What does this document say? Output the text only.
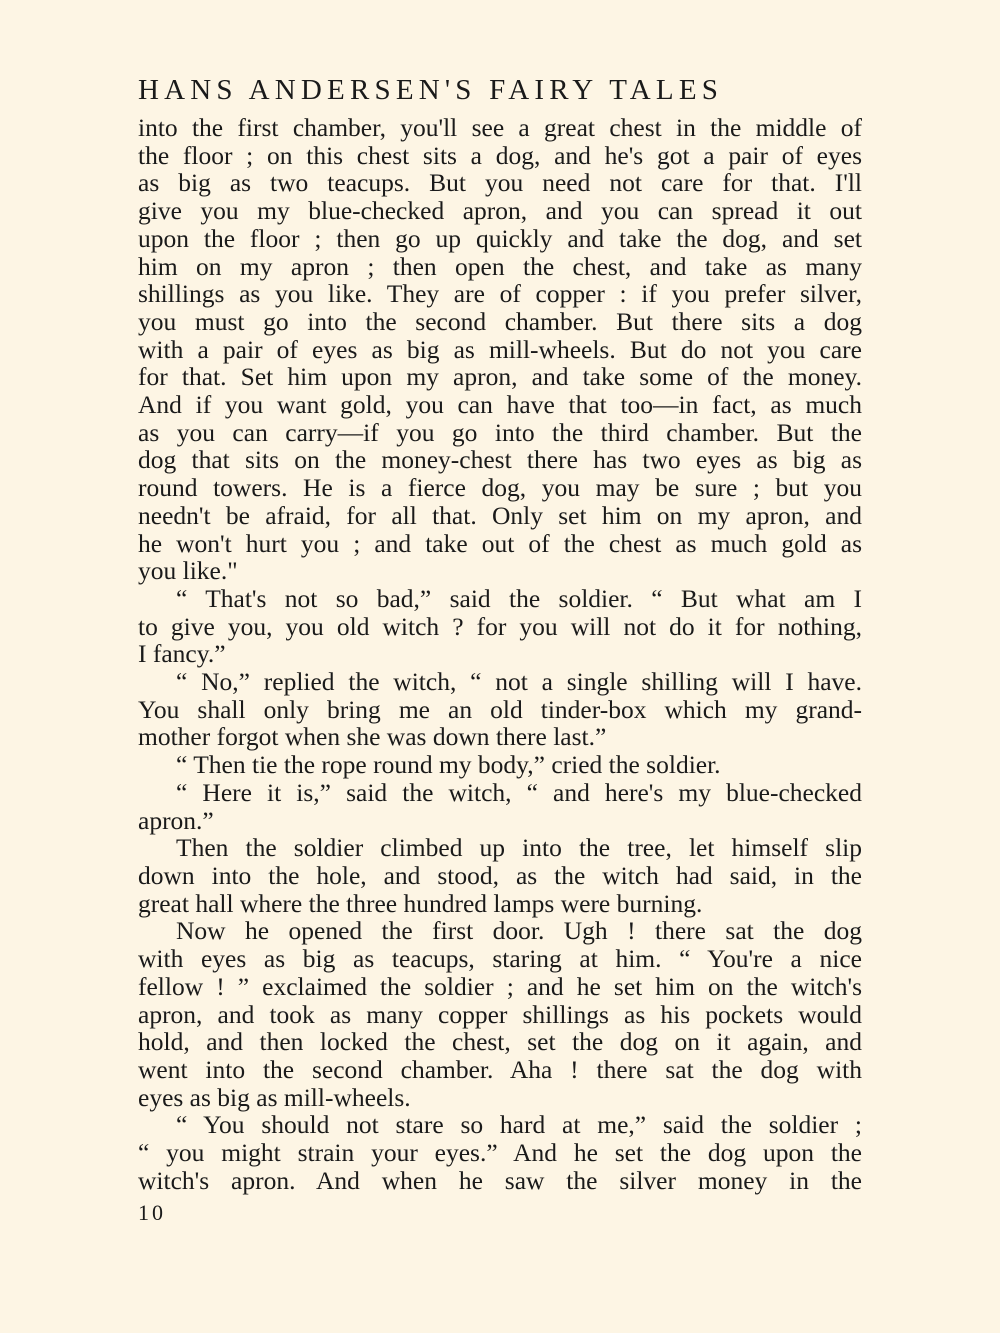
HANS ANDERSEN'S FAIRY TALES
into the first chamber, you'll see a great chest in the middle of
the floor ; on this chest sits a dog, and he's got a pair of eyes
as big as two teacups. But you need not care for that. I'll
give you my blue-checked apron, and you can spread it out
upon the floor ; then go up quickly and take the dog, and set
him on my apron ; then open the chest, and take as many
shillings as you like. They are of copper : if you prefer silver,
you must go into the second chamber. But there sits a dog
with a pair of eyes as big as mill-wheels. But do not you care
for that. Set him upon my apron, and take some of the money.
And if you want gold, you can have that too—in fact, as much
as you can carry—if you go into the third chamber. But the
dog that sits on the money-chest there has two eyes as big as
round towers. He is a fierce dog, you may be sure ; but you
needn't be afraid, for all that. Only set him on my apron, and
he won't hurt you ; and take out of the chest as much gold as
you like."
“ That's not so bad,” said the soldier. “ But what am I
to give you, you old witch ? for you will not do it for nothing,
I fancy.”
“ No,” replied the witch, “ not a single shilling will I have.
You shall only bring me an old tinder-box which my grand-
mother forgot when she was down there last.”
“ Then tie the rope round my body,” cried the soldier.
“ Here it is,” said the witch, “ and here's my blue-checked
apron.”
Then the soldier climbed up into the tree, let himself slip
down into the hole, and stood, as the witch had said, in the
great hall where the three hundred lamps were burning.
Now he opened the first door. Ugh ! there sat the dog
with eyes as big as teacups, staring at him. “ You're a nice
fellow ! ” exclaimed the soldier ; and he set him on the witch's
apron, and took as many copper shillings as his pockets would
hold, and then locked the chest, set the dog on it again, and
went into the second chamber. Aha ! there sat the dog with
eyes as big as mill-wheels.
“ You should not stare so hard at me,” said the soldier ;
“ you might strain your eyes.” And he set the dog upon the
witch's apron. And when he saw the silver money in the
10
